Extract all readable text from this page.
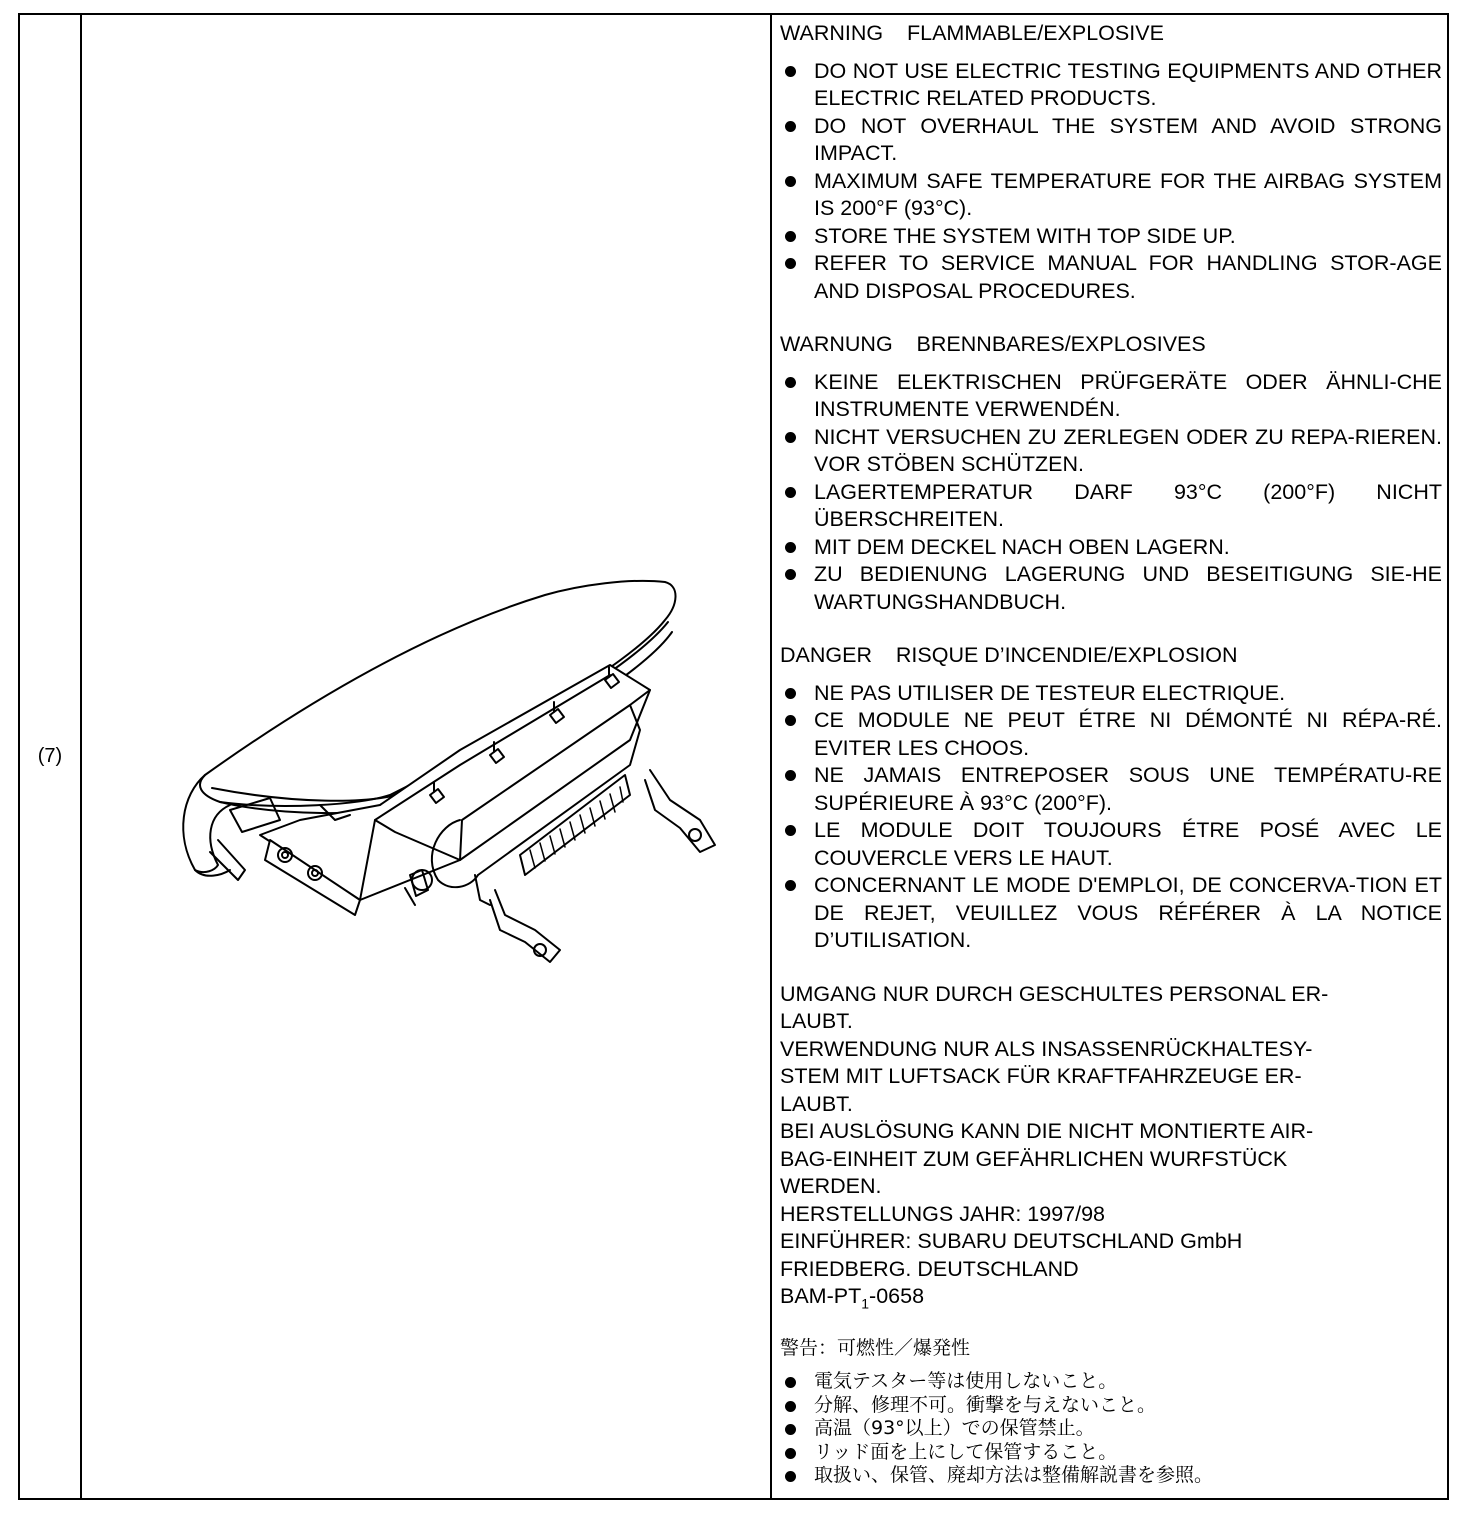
(7)

WARNING    FLAMMABLE/EXPLOSIVE

DO NOT USE ELECTRIC TESTING EQUIPMENTS AND OTHER ELECTRIC RELATED PRODUCTS.
DO NOT OVERHAUL THE SYSTEM AND AVOID STRONG IMPACT.
MAXIMUM SAFE TEMPERATURE FOR THE AIRBAG SYSTEM IS 200°F (93°C).
STORE THE SYSTEM WITH TOP SIDE UP.
REFER TO SERVICE MANUAL FOR HANDLING STOR-AGE AND DISPOSAL PROCEDURES.

WARNUNG    BRENNBARES/EXPLOSIVES

KEINE ELEKTRISCHEN PRÜFGERÄTE ODER ÄHNLI-CHE INSTRUMENTE VERWENDÉN.
NICHT VERSUCHEN ZU ZERLEGEN ODER ZU REPA-RIEREN. VOR STÖBEN SCHÜTZEN.
LAGERTEMPERATUR DARF 93°C (200°F) NICHT ÜBERSCHREITEN.
MIT DEM DECKEL NACH OBEN LAGERN.
ZU BEDIENUNG LAGERUNG UND BESEITIGUNG SIE-HE WARTUNGSHANDBUCH.

DANGER    RISQUE D’INCENDIE/EXPLOSION

NE PAS UTILISER DE TESTEUR ELECTRIQUE.
CE MODULE NE PEUT ÉTRE NI DÉMONTÉ NI RÉPA-RÉ. EVITER LES CHOOS.
NE JAMAIS ENTREPOSER SOUS UNE TEMPÉRATU-RE SUPÉRIEURE À 93°C (200°F).
LE MODULE DOIT TOUJOURS ÉTRE POSÉ AVEC LE COUVERCLE VERS LE HAUT.
CONCERNANT LE MODE D'EMPLOI, DE CONCERVA-TION ET DE REJET, VEUILLEZ VOUS RÉFÉRER À LA NOTICE D’UTILISATION.
UMGANG NUR DURCH GESCHULTES PERSONAL ER-
LAUBT.
VERWENDUNG NUR ALS INSASSENRÜCKHALTESY-
STEM MIT LUFTSACK FÜR KRAFTFAHRZEUGE ER-
LAUBT.
BEI AUSLÖSUNG KANN DIE NICHT MONTIERTE AIR-
BAG-EINHEIT ZUM GEFÄHRLICHEN WURFSTÜCK
WERDEN.
HERSTELLUNGS JAHR: 1997/98
EINFÜHRER: SUBARU DEUTSCHLAND GmbH
FRIEDBERG. DEUTSCHLAND
BAM-$PT_1-0658$

警告：可燃性／爆発性

電気テスター等は使用しないこと。
分解、修理不可。衝撃を与えないこと。
高温（93°以上）での保管禁止。
リッド面を上にして保管すること。
取扱い、保管、廃却方法は整備解説書を参照。
